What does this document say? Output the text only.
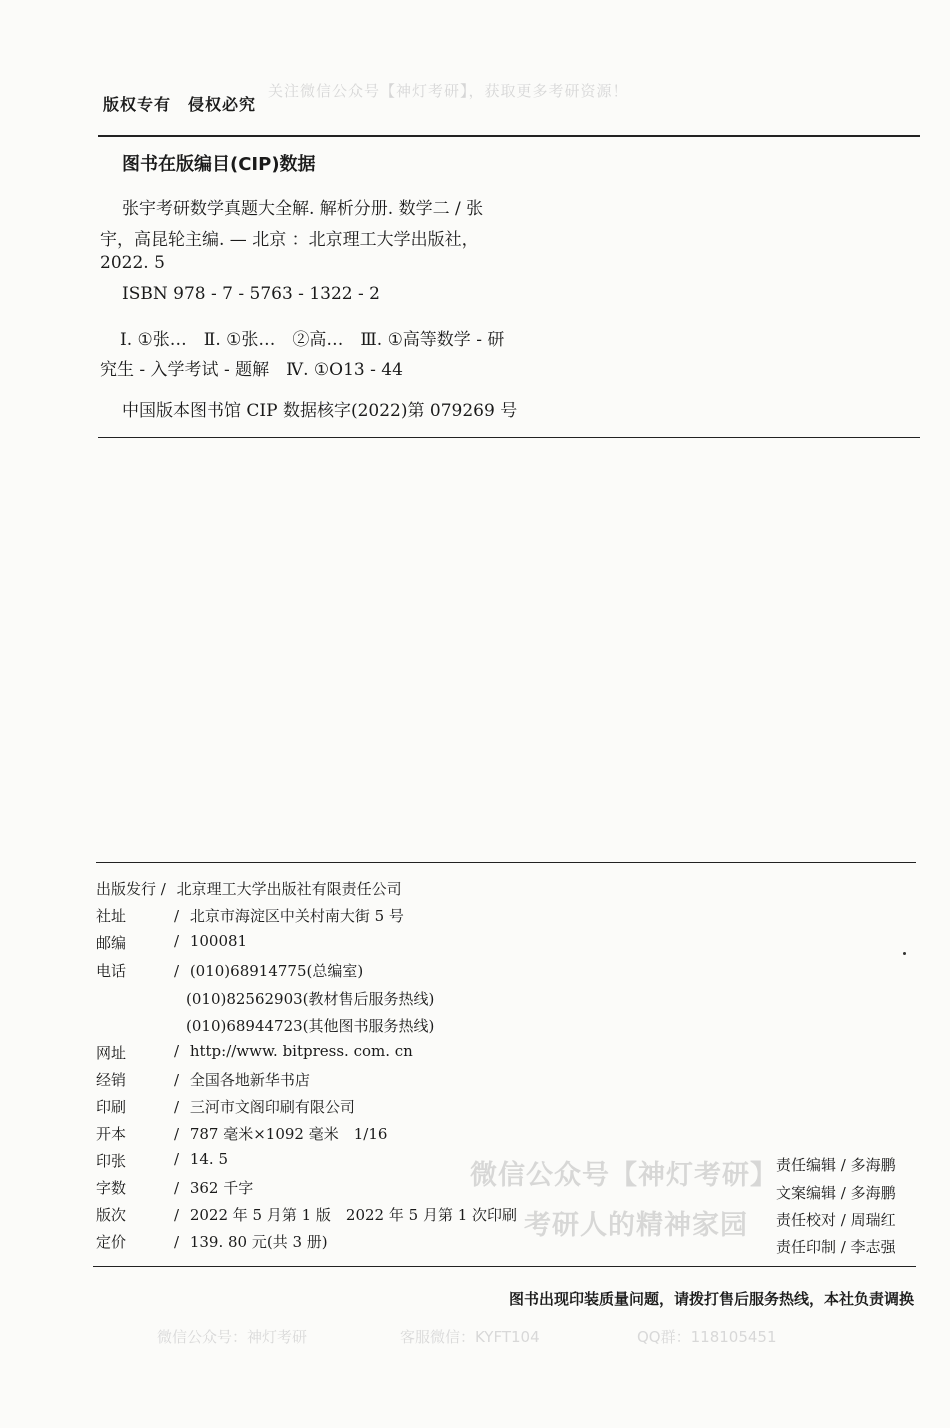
关注微信公众号【神灯考研】，获取更多考研资源！
版权专有　侵权必究
图书在版编目(CIP)数据
张宇考研数学真题大全解. 解析分册. 数学二 / 张
宇，高昆轮主编. — 北京 ：北京理工大学出版社，
2022. 5
ISBN 978 - 7 - 5763 - 1322 - 2
Ⅰ. ①张…　Ⅱ. ①张…　②高…　Ⅲ. ①高等数学 - 研
究生 - 入学考试 - 题解　Ⅳ. ①O13 - 44
中国版本图书馆 CIP 数据核字(2022)第 079269 号
出版发行 / 北京理工大学出版社有限责任公司
社址	/ 北京市海淀区中关村南大街 5 号
邮编	/ 100081
电话	/ (010)68914775(总编室)
(010)82562903(教材售后服务热线)
(010)68944723(其他图书服务热线)
网址	/ http://www. bitpress. com. cn
经销	/ 全国各地新华书店
印刷	/ 三河市文阁印刷有限公司
开本	/ 787 毫米×1092 毫米　1/16
印张	/ 14. 5
字数	/ 362 千字
版次	/ 2022 年 5 月第 1 版　2022 年 5 月第 1 次印刷
定价	/ 139. 80 元(共 3 册)
微信公众号【神灯考研】
考研人的精神家园
责任编辑 / 多海鹏
文案编辑 / 多海鹏
责任校对 / 周瑞红
责任印制 / 李志强
图书出现印装质量问题，请拨打售后服务热线，本社负责调换
微信公众号：神灯考研	客服微信：KYFT104	QQ群：118105451
